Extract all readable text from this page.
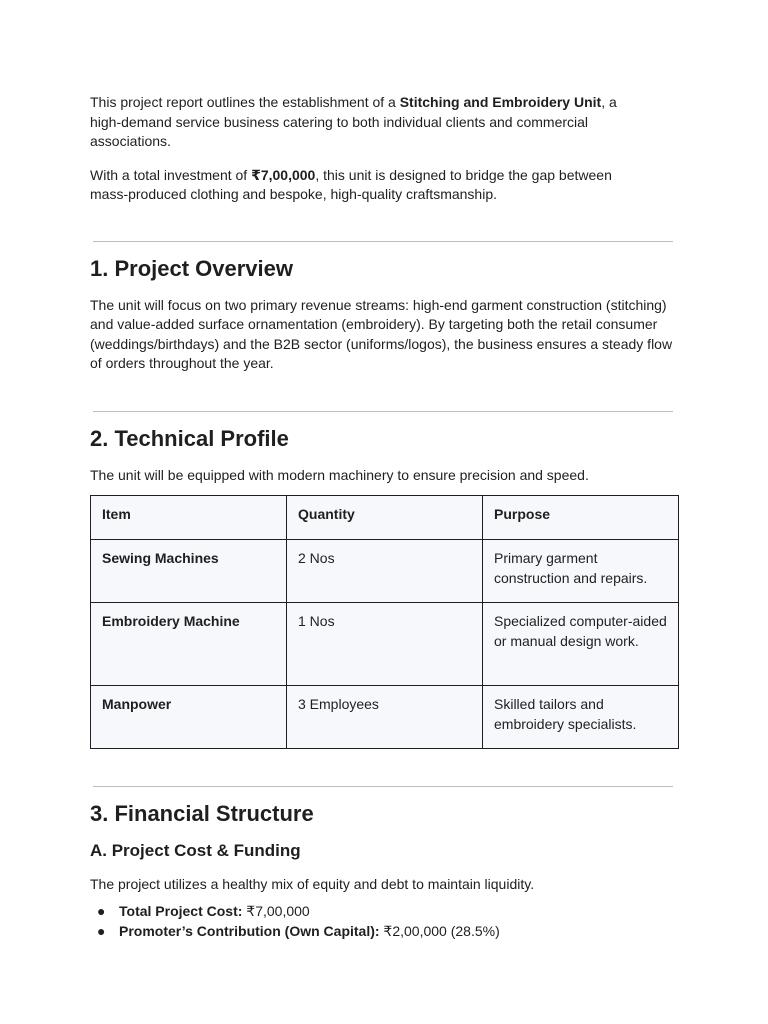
This project report outlines the establishment of a Stitching and Embroidery Unit, a high-demand service business catering to both individual clients and commercial associations.

With a total investment of ₹7,00,000, this unit is designed to bridge the gap between mass-produced clothing and bespoke, high-quality craftsmanship.

1. Project Overview

The unit will focus on two primary revenue streams: high-end garment construction (stitching) and value-added surface ornamentation (embroidery). By targeting both the retail consumer (weddings/birthdays) and the B2B sector (uniforms/logos), the business ensures a steady flow of orders throughout the year.

2. Technical Profile

The unit will be equipped with modern machinery to ensure precision and speed.

Item	Quantity	Purpose
Sewing Machines	2 Nos	Primary garment construction and repairs.
Embroidery Machine	1 Nos	Specialized computer-aided or manual design work.
Manpower	3 Employees	Skilled tailors and embroidery specialists.
3. Financial Structure
A. Project Cost & Funding

The project utilizes a healthy mix of equity and debt to maintain liquidity.

● Total Project Cost: ₹7,00,000
● Promoter’s Contribution (Own Capital): ₹2,00,000 (28.5%)
